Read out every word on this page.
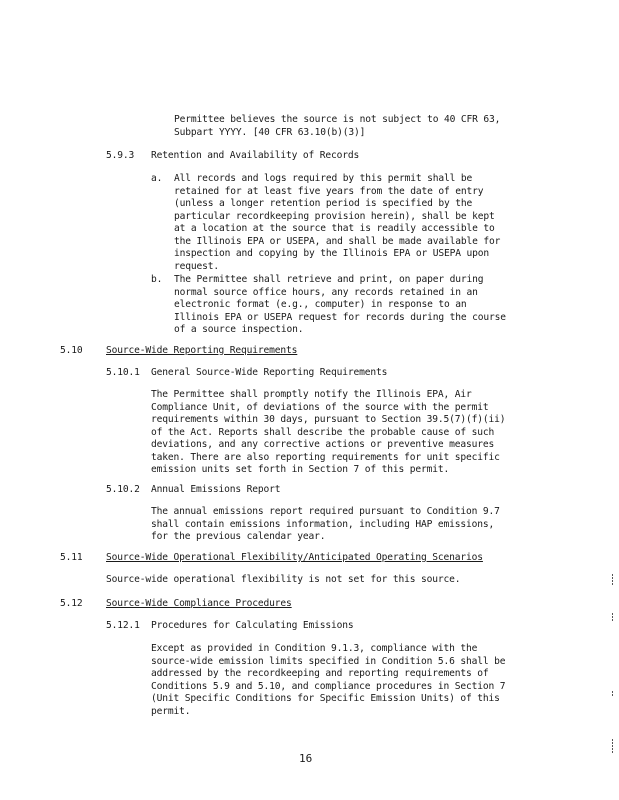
Permittee believes the source is not subject to 40 CFR 63,
Subpart YYYY. [40 CFR 63.10(b)(3)]
5.9.3 Retention and Availability of Records
a. All records and logs required by this permit shall be
retained for at least five years from the date of entry
(unless a longer retention period is specified by the
particular recordkeeping provision herein), shall be kept
at a location at the source that is readily accessible to
the Illinois EPA or USEPA, and shall be made available for
inspection and copying by the Illinois EPA or USEPA upon
request.
b. The Permittee shall retrieve and print, on paper during
normal source office hours, any records retained in an
electronic format (e.g., computer) in response to an
Illinois EPA or USEPA request for records during the course
of a source inspection.
5.10 Source-Wide Reporting Requirements
5.10.1 General Source-Wide Reporting Requirements
The Permittee shall promptly notify the Illinois EPA, Air
Compliance Unit, of deviations of the source with the permit
requirements within 30 days, pursuant to Section 39.5(7)(f)(ii)
of the Act. Reports shall describe the probable cause of such
deviations, and any corrective actions or preventive measures
taken. There are also reporting requirements for unit specific
emission units set forth in Section 7 of this permit.
5.10.2 Annual Emissions Report
The annual emissions report required pursuant to Condition 9.7
shall contain emissions information, including HAP emissions,
for the previous calendar year.
5.11 Source-Wide Operational Flexibility/Anticipated Operating Scenarios
Source-wide operational flexibility is not set for this source.
5.12 Source-Wide Compliance Procedures
5.12.1 Procedures for Calculating Emissions
Except as provided in Condition 9.1.3, compliance with the
source-wide emission limits specified in Condition 5.6 shall be
addressed by the recordkeeping and reporting requirements of
Conditions 5.9 and 5.10, and compliance procedures in Section 7
(Unit Specific Conditions for Specific Emission Units) of this
permit.
16
